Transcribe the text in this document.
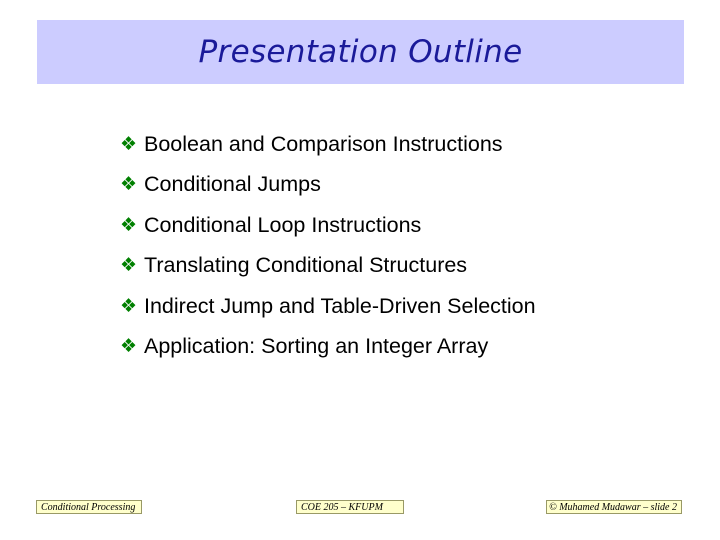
Presentation Outline
❖ Boolean and Comparison Instructions
❖ Conditional Jumps
❖ Conditional Loop Instructions
❖ Translating Conditional Structures
❖ Indirect Jump and Table-Driven Selection
❖ Application: Sorting an Integer Array
Conditional Processing	COE 205 – KFUPM	© Muhamed Mudawar – slide 2
